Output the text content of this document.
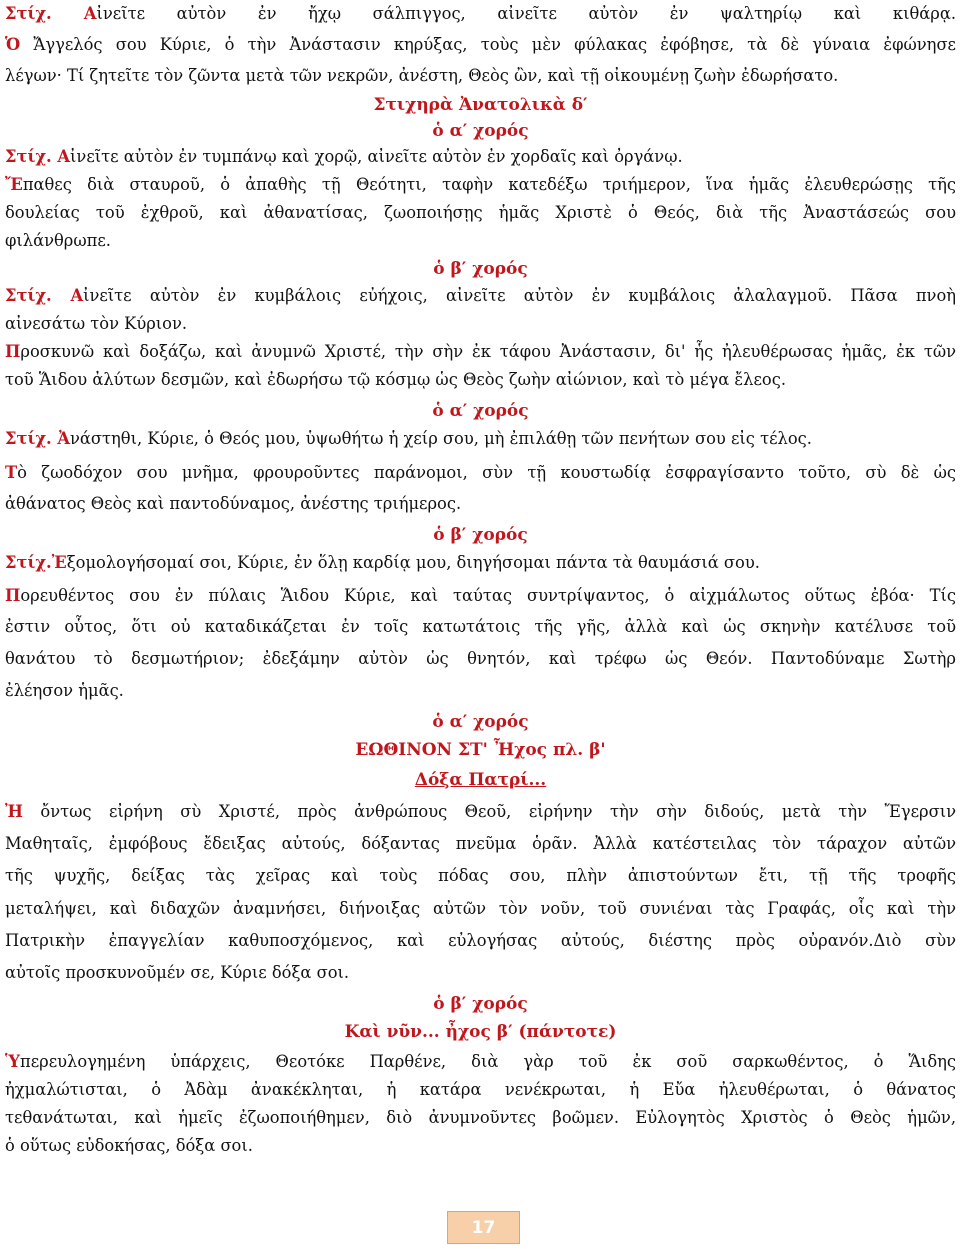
Στίχ. Αἰνεῖτε αὐτὸν ἐν ἤχῳ σάλπιγγος, αἰνεῖτε αὐτὸν ἐν ψαλτηρίῳ καὶ κιθάρᾳ.
Ὁ Ἄγγελός σου Κύριε, ὁ τὴν Ἀνάστασιν κηρύξας, τοὺς μὲν φύλακας ἐφόβησε, τὰ δὲ γύναια ἐφώνησε
λέγων· Τί ζητεῖτε τὸν ζῶντα μετὰ τῶν νεκρῶν, ἀνέστη, Θεὸς ὢν, καὶ τῇ οἰκουμένῃ ζωὴν ἐδωρήσατο.
Στιχηρὰ Ἀνατολικὰ δ′
ὁ α′ χορός
Στίχ. Αἰνεῖτε αὐτὸν ἐν τυμπάνῳ καὶ χορῷ, αἰνεῖτε αὐτὸν ἐν χορδαῖς καὶ ὀργάνῳ.
Ἔπαθες διὰ σταυροῦ, ὁ ἀπαθὴς τῇ Θεότητι, ταφὴν κατεδέξω τριήμερον, ἵνα ἡμᾶς ἐλευθερώσῃς τῆς
δουλείας τοῦ ἐχθροῦ, καὶ ἀθανατίσας, ζωοποιήσῃς ἡμᾶς Χριστὲ ὁ Θεός, διὰ τῆς Ἀναστάσεώς σου
φιλάνθρωπε.
ὁ β′ χορός
Στίχ. Αἰνεῖτε αὐτὸν ἐν κυμβάλοις εὐήχοις, αἰνεῖτε αὐτὸν ἐν κυμβάλοις ἀλαλαγμοῦ. Πᾶσα πνοὴ
αἰνεσάτω τὸν Κύριον.
Προσκυνῶ καὶ δοξάζω, καὶ ἀνυμνῶ Χριστέ, τὴν σὴν ἐκ τάφου Ἀνάστασιν, δι' ἧς ἠλευθέρωσας ἡμᾶς, ἐκ τῶν
τοῦ Ἅιδου ἀλύτων δεσμῶν, καὶ ἐδωρήσω τῷ κόσμῳ ὡς Θεὸς ζωὴν αἰώνιον, καὶ τὸ μέγα ἔλεος.
ὁ α′ χορός
Στίχ. Ἀνάστηθι, Κύριε, ὁ Θεός μου, ὑψωθήτω ἡ χείρ σου, μὴ ἐπιλάθῃ τῶν πενήτων σου εἰς τέλος.
Τὸ ζωοδόχον σου μνῆμα, φρουροῦντες παράνομοι, σὺν τῇ κουστωδίᾳ ἐσφραγίσαντο τοῦτο, σὺ δὲ ὡς
ἀθάνατος Θεὸς καὶ παντοδύναμος, ἀνέστης τριήμερος.
ὁ β′ χορός
Στίχ.Ἐξομολογήσομαί σοι, Κύριε, ἐν ὅλῃ καρδίᾳ μου, διηγήσομαι πάντα τὰ θαυμάσιά σου.
Πορευθέντος σου ἐν πύλαις Ἅιδου Κύριε, καὶ ταύτας συντρίψαντος, ὁ αἰχμάλωτος οὕτως ἐβόα· Τίς
ἐστιν οὗτος, ὅτι οὐ καταδικάζεται ἐν τοῖς κατωτάτοις τῆς γῆς, ἀλλὰ καὶ ὡς σκηνὴν κατέλυσε τοῦ
θανάτου τὸ δεσμωτήριον; ἐδεξάμην αὐτὸν ὡς θνητόν, καὶ τρέφω ὡς Θεόν. Παντοδύναμε Σωτὴρ
ἐλέησον ἡμᾶς.
ὁ α′ χορός
ΕΩΘΙΝΟΝ ΣΤ' Ἦχος πλ. β'
Δόξα Πατρί...
Ἠ ὄντως εἰρήνη σὺ Χριστέ, πρὸς ἀνθρώπους Θεοῦ, εἰρήνην τὴν σὴν διδούς, μετὰ τὴν Ἔγερσιν
Μαθηταῖς, ἐμφόβους ἔδειξας αὐτούς, δόξαντας πνεῦμα ὁρᾶν. Ἀλλὰ κατέστειλας τὸν τάραχον αὐτῶν
τῆς ψυχῆς, δείξας τὰς χεῖρας καὶ τοὺς πόδας σου, πλὴν ἀπιστούντων ἔτι, τῇ τῆς τροφῆς
μεταλήψει, καὶ διδαχῶν ἀναμνήσει, διήνοιξας αὐτῶν τὸν νοῦν, τοῦ συνιέναι τὰς Γραφάς, οἷς καὶ τὴν
Πατρικὴν ἐπαγγελίαν καθυποσχόμενος, καὶ εὐλογήσας αὐτούς, διέστης πρὸς οὐρανόν.Διὸ σὺν
αὐτοῖς προσκυνοῦμέν σε, Κύριε δόξα σοι.
ὁ β′ χορός
Καὶ νῦν... ἦχος β′ (πάντοτε)
Ὑπερευλογημένη ὑπάρχεις, Θεοτόκε Παρθένε, διὰ γὰρ τοῦ ἐκ σοῦ σαρκωθέντος, ὁ Ἅιδης
ἠχμαλώτισται, ὁ Ἀδὰμ ἀνακέκληται, ἡ κατάρα νενέκρωται, ἡ Εὔα ἠλευθέρωται, ὁ θάνατος
τεθανάτωται, καὶ ἡμεῖς ἐζωοποιήθημεν, διὸ ἀνυμνοῦντες βοῶμεν. Εὐλογητὸς Χριστὸς ὁ Θεὸς ἡμῶν,
ὁ οὕτως εὐδοκήσας, δόξα σοι.
17
